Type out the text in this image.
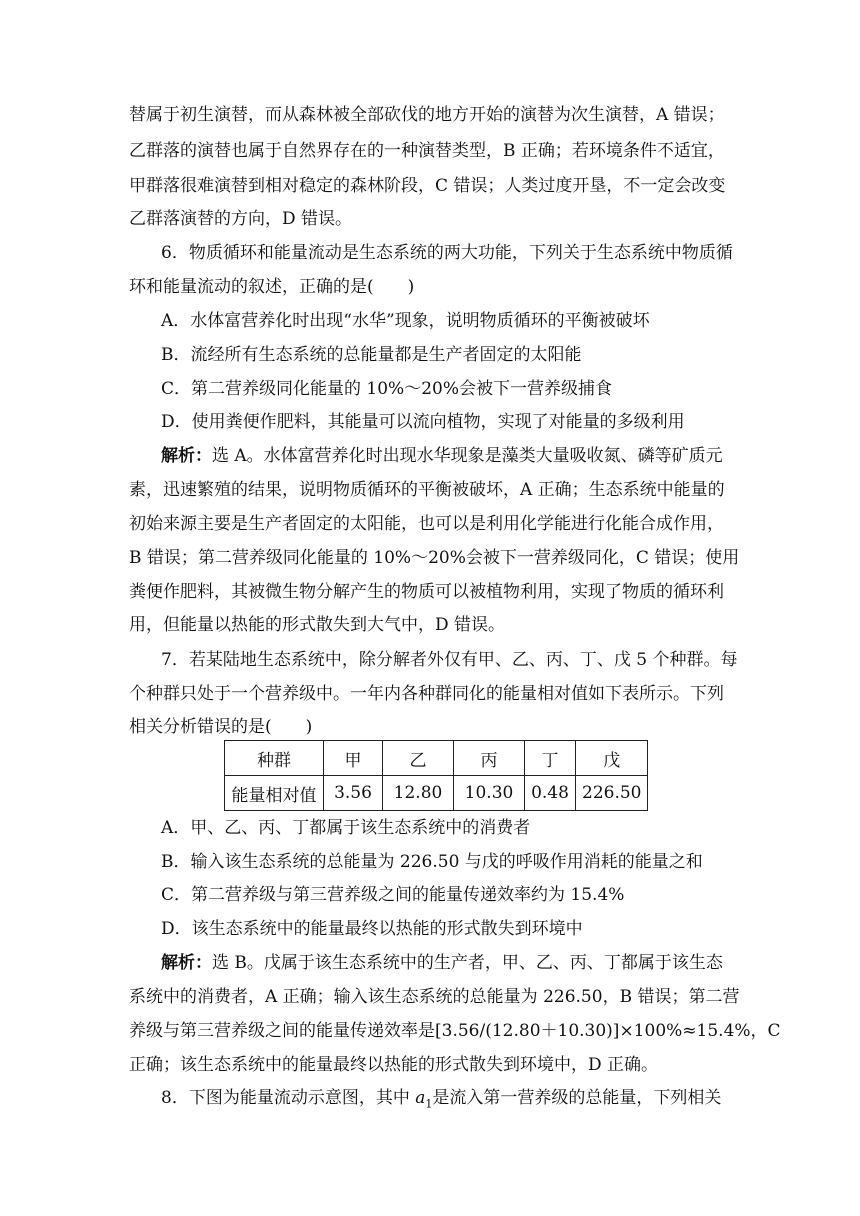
替属于初生演替，而从森林被全部砍伐的地方开始的演替为次生演替，A 错误；
乙群落的演替也属于自然界存在的一种演替类型，B 正确；若环境条件不适宜，
甲群落很难演替到相对稳定的森林阶段，C 错误；人类过度开垦，不一定会改变
乙群落演替的方向，D 错误。
6．物质循环和能量流动是生态系统的两大功能，下列关于生态系统中物质循
环和能量流动的叙述，正确的是(　　)
A．水体富营养化时出现“水华”现象，说明物质循环的平衡被破坏
B．流经所有生态系统的总能量都是生产者固定的太阳能
C．第二营养级同化能量的 10%～20%会被下一营养级捕食
D．使用粪便作肥料，其能量可以流向植物，实现了对能量的多级利用
解析：选 A。水体富营养化时出现水华现象是藻类大量吸收氮、磷等矿质元
素，迅速繁殖的结果，说明物质循环的平衡被破坏，A 正确；生态系统中能量的
初始来源主要是生产者固定的太阳能，也可以是利用化学能进行化能合成作用，
B 错误；第二营养级同化能量的 10%～20%会被下一营养级同化，C 错误；使用
粪便作肥料，其被微生物分解产生的物质可以被植物利用，实现了物质的循环利
用，但能量以热能的形式散失到大气中，D 错误。
7．若某陆地生态系统中，除分解者外仅有甲、乙、丙、丁、戊 5 个种群。每
个种群只处于一个营养级中。一年内各种群同化的能量相对值如下表所示。下列
相关分析错误的是(　　)
种群	甲	乙	丙	丁	戊
能量相对值	3.56	12.80	10.30	0.48	226.50
A．甲、乙、丙、丁都属于该生态系统中的消费者
B．输入该生态系统的总能量为 226.50 与戊的呼吸作用消耗的能量之和
C．第二营养级与第三营养级之间的能量传递效率约为 15.4%
D．该生态系统中的能量最终以热能的形式散失到环境中
解析：选 B。戊属于该生态系统中的生产者，甲、乙、丙、丁都属于该生态
系统中的消费者，A 正确；输入该生态系统的总能量为 226.50，B 错误；第二营
养级与第三营养级之间的能量传递效率是[3.56/(12.80＋10.30)]×100%≈15.4%，C
正确；该生态系统中的能量最终以热能的形式散失到环境中，D 正确。
8．下图为能量流动示意图，其中 $a_1$是流入第一营养级的总能量，下列相关
